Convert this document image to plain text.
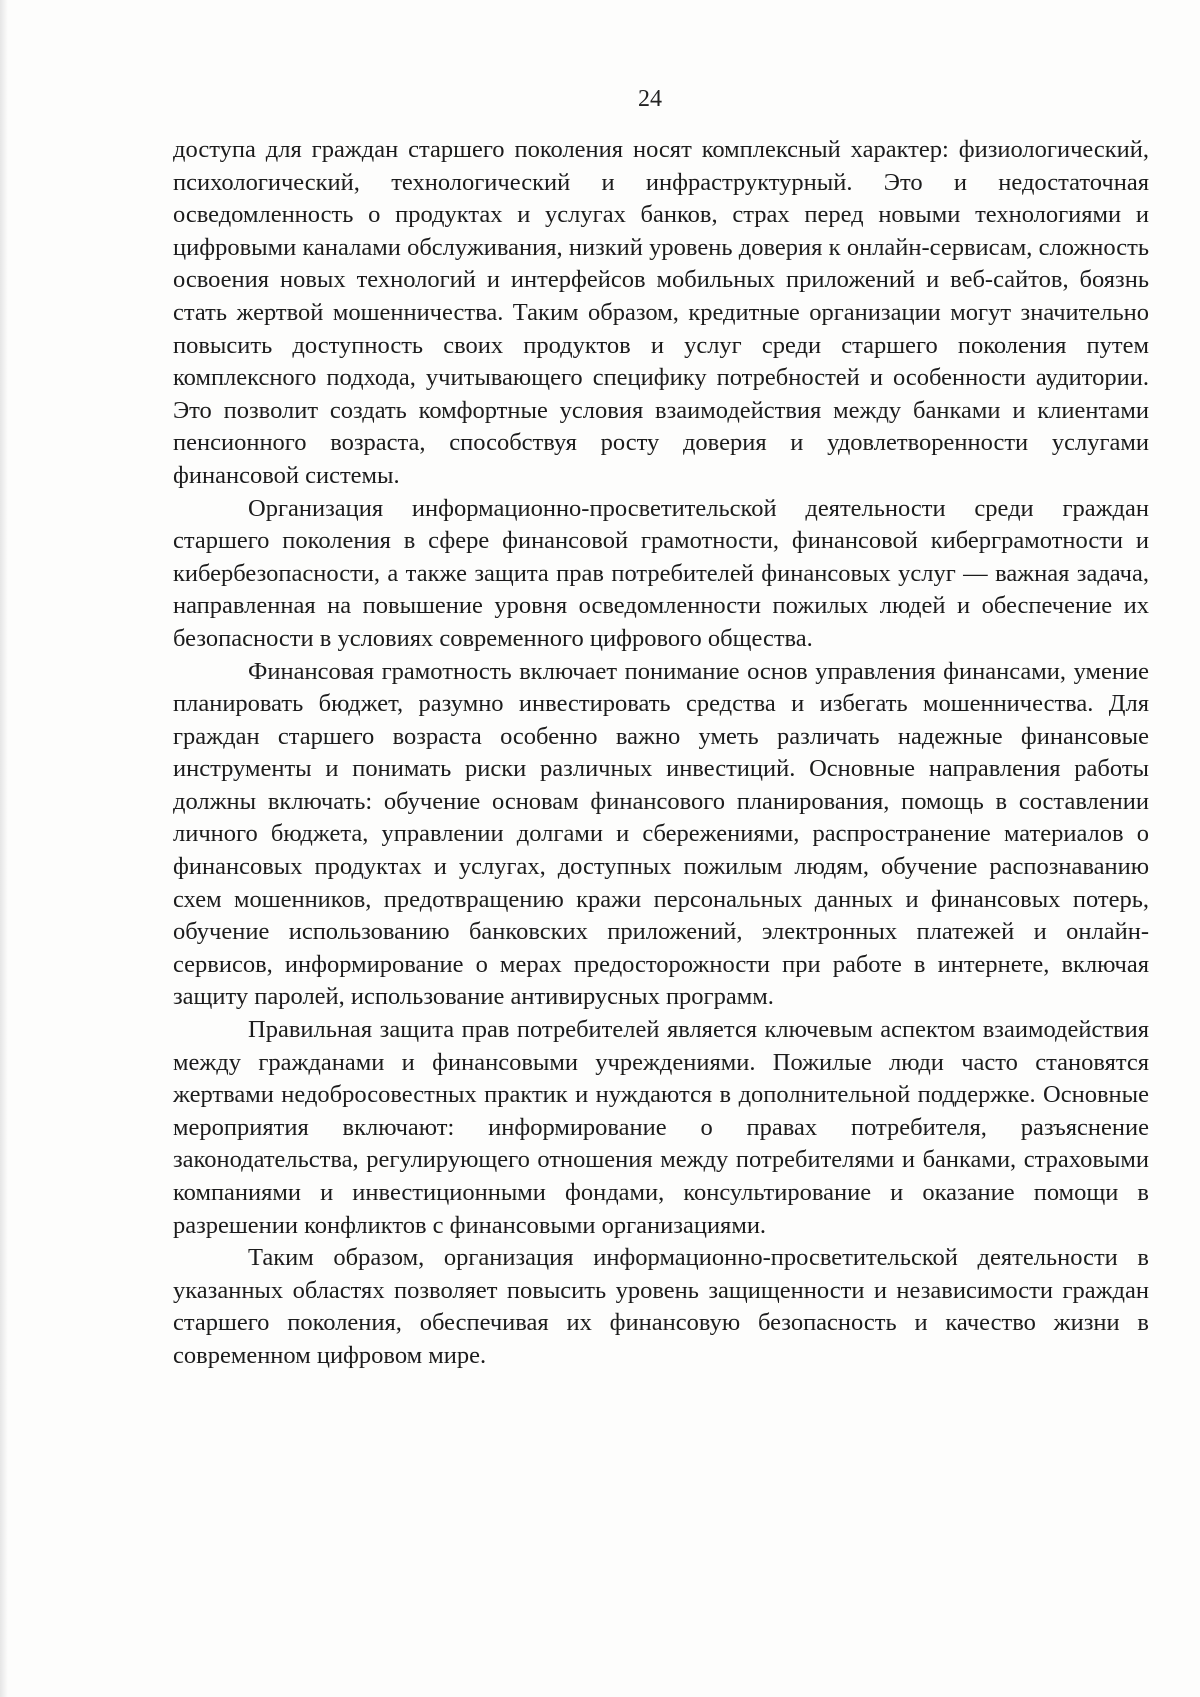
24

доступа для граждан старшего поколения носят комплексный характер: физиологический, психологический, технологический и инфраструктурный. Это и недостаточная осведомленность о продуктах и услугах банков, страх перед новыми технологиями и цифровыми каналами обслуживания, низкий уровень доверия к онлайн-сервисам, сложность освоения новых технологий и интерфейсов мобильных приложений и веб-сайтов, боязнь стать жертвой мошенничества. Таким образом, кредитные организации могут значительно повысить доступность своих продуктов и услуг среди старшего поколения путем комплексного подхода, учитывающего специфику потребностей и особенности аудитории. Это позволит создать комфортные условия взаимодействия между банками и клиентами пенсионного возраста, способствуя росту доверия и удовлетворенности услугами финансовой системы.

Организация информационно-просветительской деятельности среди граждан старшего поколения в сфере финансовой грамотности, финансовой киберграмотности и кибербезопасности, а также защита прав потребителей финансовых услуг — важная задача, направленная на повышение уровня осведомленности пожилых людей и обеспечение их безопасности в условиях современного цифрового общества.

Финансовая грамотность включает понимание основ управления финансами, умение планировать бюджет, разумно инвестировать средства и избегать мошенничества. Для граждан старшего возраста особенно важно уметь различать надежные финансовые инструменты и понимать риски различных инвестиций. Основные направления работы должны включать: обучение основам финансового планирования, помощь в составлении личного бюджета, управлении долгами и сбережениями, распространение материалов о финансовых продуктах и услугах, доступных пожилым людям, обучение распознаванию схем мошенников, предотвращению кражи персональных данных и финансовых потерь, обучение использованию банковских приложений, электронных платежей и онлайн-сервисов, информирование о мерах предосторожности при работе в интернете, включая защиту паролей, использование антивирусных программ.

Правильная защита прав потребителей является ключевым аспектом взаимодействия между гражданами и финансовыми учреждениями. Пожилые люди часто становятся жертвами недобросовестных практик и нуждаются в дополнительной поддержке. Основные мероприятия включают: информирование о правах потребителя, разъяснение законодательства, регулирующего отношения между потребителями и банками, страховыми компаниями и инвестиционными фондами, консультирование и оказание помощи в разрешении конфликтов с финансовыми организациями.

Таким образом, организация информационно-просветительской деятельности в указанных областях позволяет повысить уровень защищенности и независимости граждан старшего поколения, обеспечивая их финансовую безопасность и качество жизни в современном цифровом мире.
